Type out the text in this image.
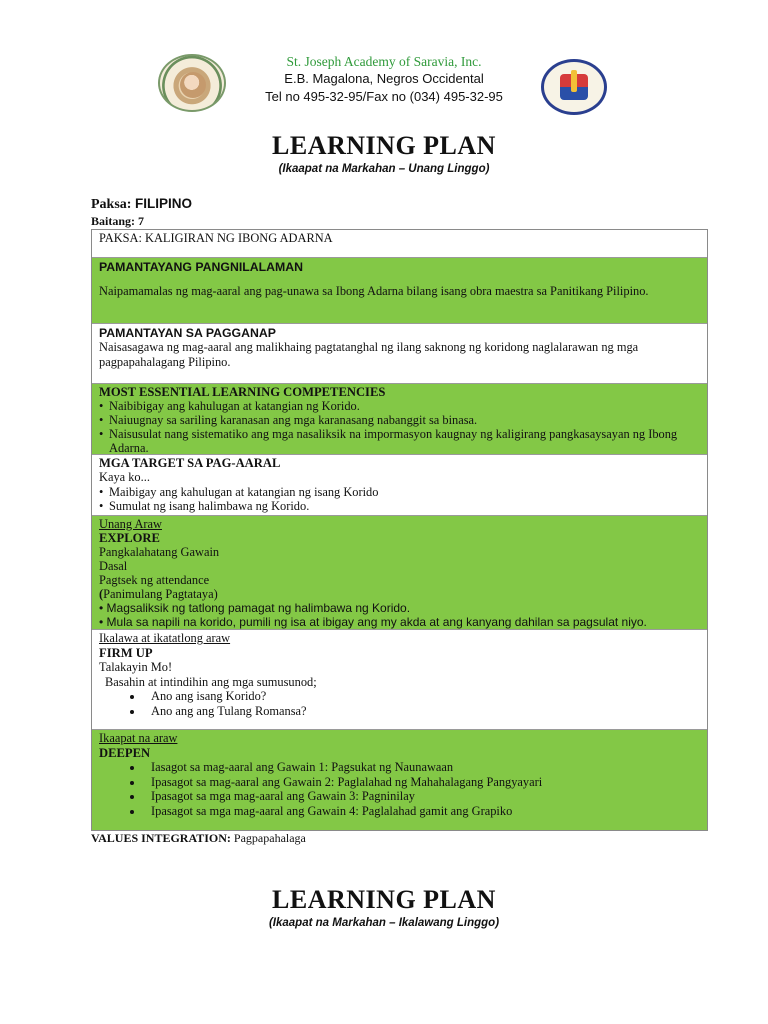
St. Joseph Academy of Saravia, Inc.
E.B. Magalona, Negros Occidental
Tel no 495-32-95/Fax no (034) 495-32-95
LEARNING PLAN
(Ikaapat na Markahan – Unang Linggo)
Paksa: FILIPINO
Baitang: 7
PAKSA: KALIGIRAN NG IBONG ADARNA
PAMANTAYANG PANGNILALAMAN
Naipamamalas ng mag-aaral ang pag-unawa sa Ibong Adarna bilang isang obra maestra sa Panitikang Pilipino.
PAMANTAYAN SA PAGGANAP
Naisasagawa ng mag-aaral ang malikhaing pagtatanghal ng ilang saknong ng koridong naglalarawan ng mga pagpapahalagang Pilipino.
MOST ESSENTIAL LEARNING COMPETENCIES
• Naibibigay ang kahulugan at katangian ng Korido.
• Naiuugnay sa sariling karanasan ang mga karanasang nabanggit sa binasa.
• Naisusulat nang sistematiko ang mga nasaliksik na impormasyon kaugnay ng kaligirang pangkasaysayan ng Ibong Adarna.
MGA TARGET SA PAG-AARAL
Kaya ko...
• Maibigay ang kahulugan at katangian ng isang Korido
• Sumulat ng isang halimbawa ng Korido.
Unang Araw
EXPLORE
Pangkalahatang Gawain
Dasal
Pagtsek ng attendance
(Panimulang Pagtataya)
• Magsaliksik ng tatlong pamagat ng halimbawa ng Korido.
• Mula sa napili na korido, pumili ng isa at ibigay ang my akda at ang kanyang dahilan sa pagsulat niyo.
Ikalawa at ikatatlong araw
FIRM UP
Talakayin Mo!
Basahin at intindihin ang mga sumusunod;
• Ano ang isang Korido?
• Ano ang ang Tulang Romansa?
Ikaapat na araw
DEEPEN
• Iasagot sa mag-aaral ang Gawain 1: Pagsukat ng Naunawaan
• Ipasagot sa mag-aaral ang Gawain 2: Paglalahad ng Mahahalagang Pangyayari
• Ipasagot sa mga mag-aaral ang Gawain 3: Pagninilay
• Ipasagot sa mga mag-aaral ang Gawain 4: Paglalahad gamit ang Grapiko
VALUES INTEGRATION: Pagpapahalaga
LEARNING PLAN
(Ikaapat na Markahan – Ikalawang Linggo)
